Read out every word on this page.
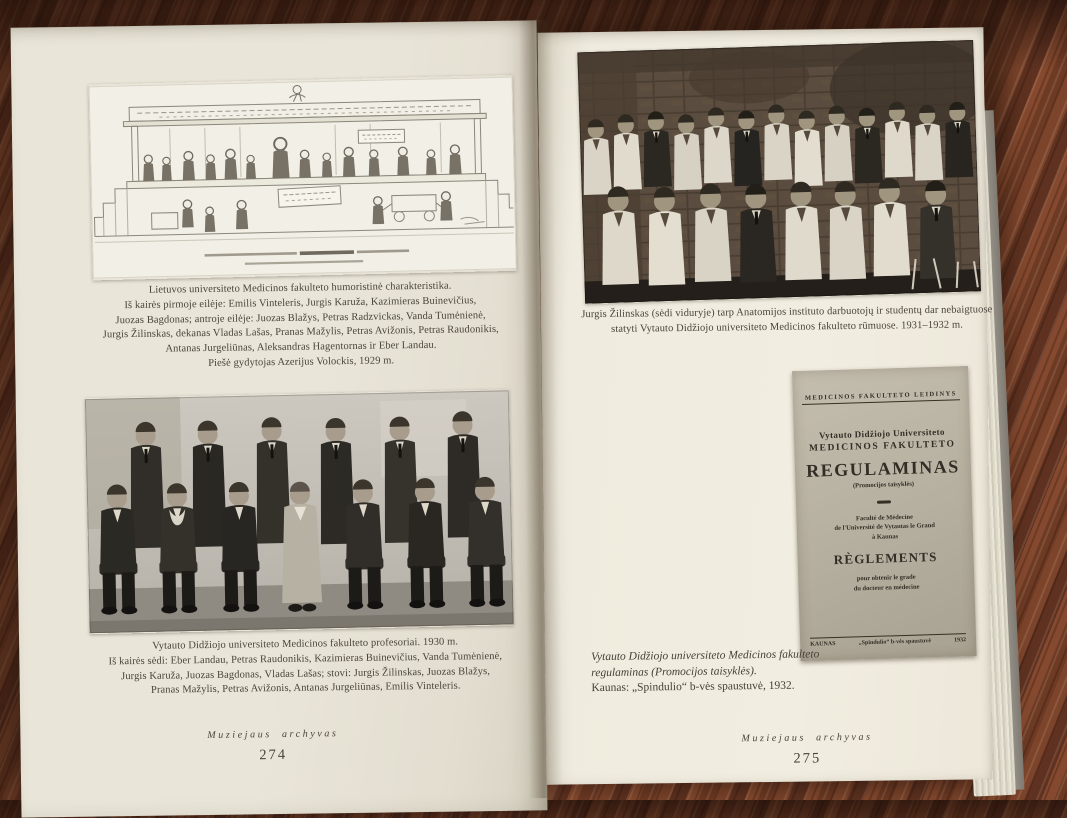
Lietuvos universiteto Medicinos fakulteto humoristinė charakteristika.
Iš kairės pirmoje eilėje: Emilis Vinteleris, Jurgis Karuža, Kazimieras Buinevičius,
Juozas Bagdonas; antroje eilėje: Juozas Blažys, Petras Radzvickas, Vanda Tumėnienė,
Jurgis Žilinskas, dekanas Vladas Lašas, Pranas Mažylis, Petras Avižonis, Petras Raudonikis,
Antanas Jurgeliūnas, Aleksandras Hagentornas ir Eber Landau.
Piešė gydytojas Azerijus Volockis, 1929 m.
Vytauto Didžiojo universiteto Medicinos fakulteto profesoriai. 1930 m.
Iš kairės sėdi: Eber Landau, Petras Raudonikis, Kazimieras Buinevičius, Vanda Tumėnienė,
Jurgis Karuža, Juozas Bagdonas, Vladas Lašas; stovi: Jurgis Žilinskas, Juozas Blažys,
Pranas Mažylis, Petras Avižonis, Antanas Jurgeliūnas, Emilis Vinteleris.
Muziejaus archyvas
274
Jurgis Žilinskas (sėdi viduryje) tarp Anatomijos instituto darbuotojų ir studentų dar nebaigtuose
statyti Vytauto Didžiojo universiteto Medicinos fakulteto rūmuose. 1931–1932 m.
MEDICINOS FAKULTETO LEIDINYS
Vytauto Didžiojo Universiteto
MEDICINOS FAKULTETO
REGULAMINAS
(Promocijos taisyklės)
Faculté de Médecine
de l'Université de Vytautas le Grand
à Kaunas
RÈGLEMENTS
pour obtenir le grade
du docteur en médecine
KAUNAS	„Spindulio“ b-vės spaustuvė	1932
Vytauto Didžiojo universiteto Medicinos fakulteto
regulaminas (Promocijos taisyklės).
Kaunas: „Spindulio“ b-vės spaustuvė, 1932.
Muziejaus archyvas
275
